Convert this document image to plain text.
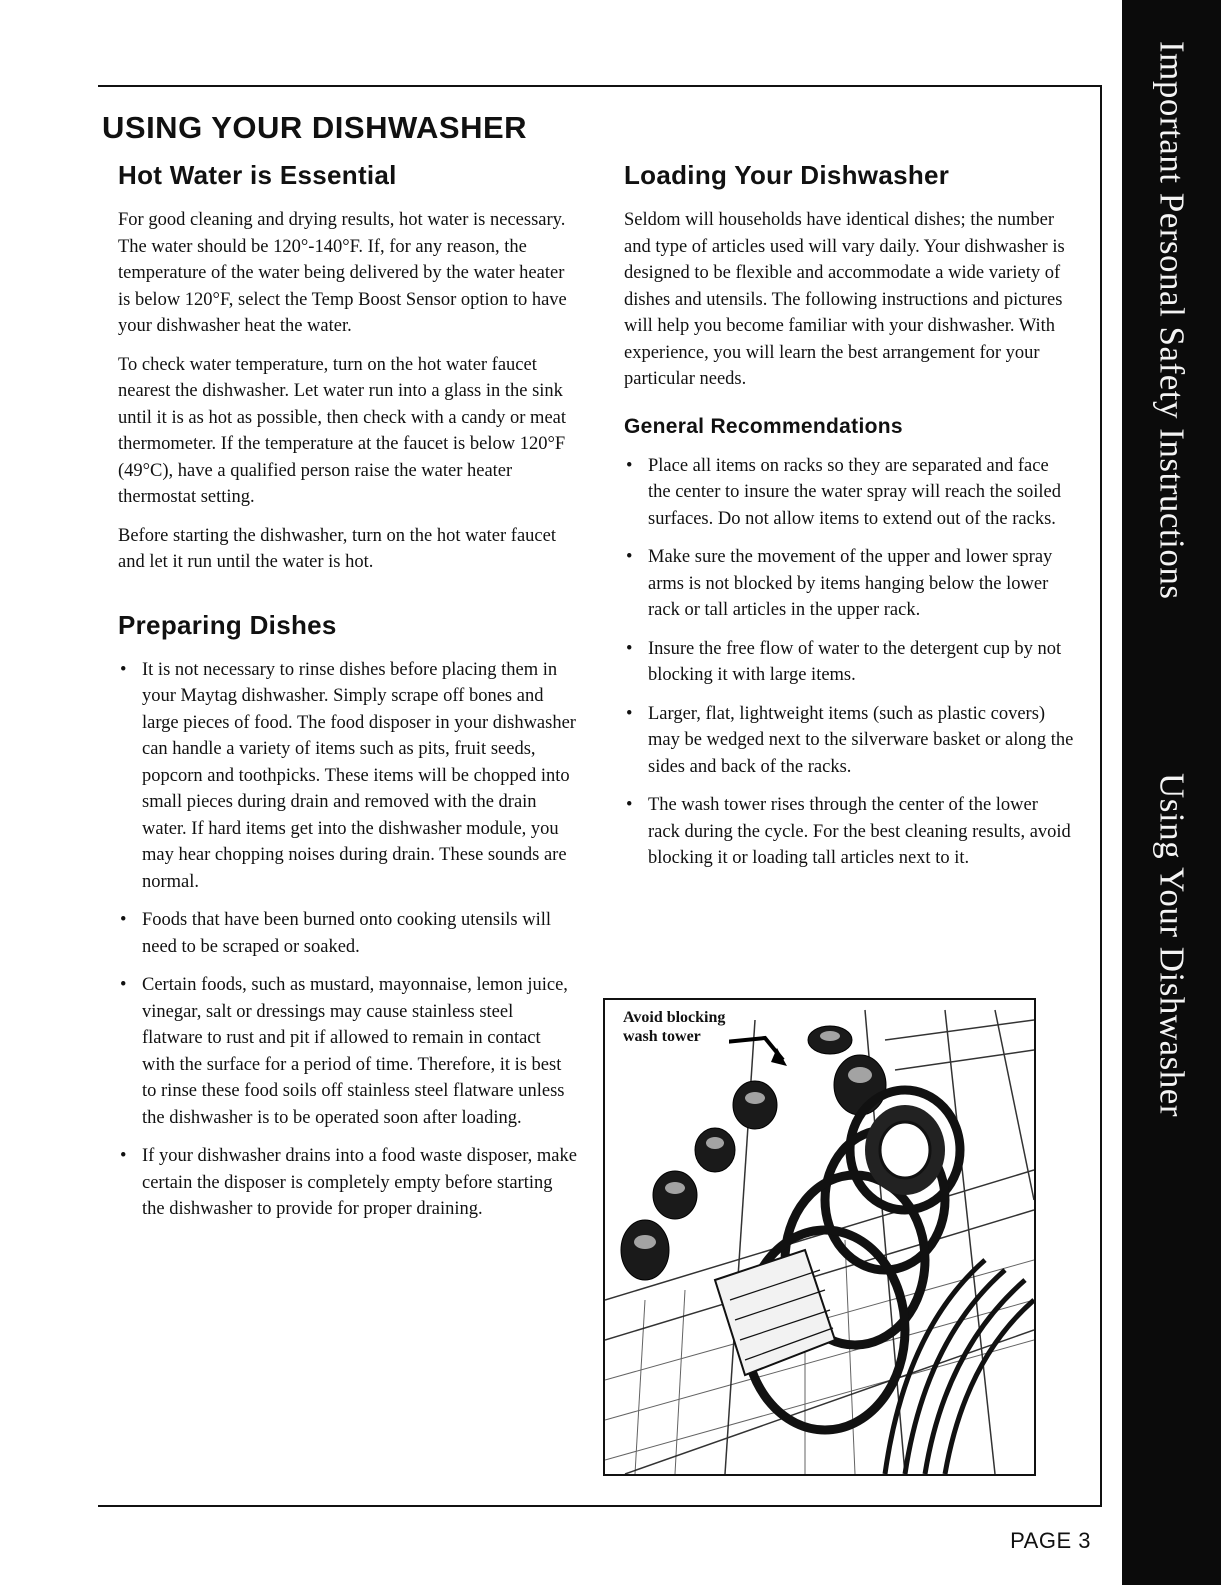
Important Personal Safety Instructions
Using Your Dishwasher
USING YOUR DISHWASHER
Hot Water is Essential

For good cleaning and drying results, hot water is necessary. The water should be 120°-140°F. If, for any reason, the temperature of the water being delivered by the water heater is below 120°F, select the Temp Boost Sensor option to have your dishwasher heat the water.

To check water temperature, turn on the hot water faucet nearest the dishwasher. Let water run into a glass in the sink until it is as hot as possible, then check with a candy or meat thermometer. If the temperature at the faucet is below 120°F (49°C), have a qualified person raise the water heater thermostat setting.

Before starting the dishwasher, turn on the hot water faucet and let it run until the water is hot.

Preparing Dishes
• It is not necessary to rinse dishes before placing them in your Maytag dishwasher. Simply scrape off bones and large pieces of food. The food disposer in your dishwasher can handle a variety of items such as pits, fruit seeds, popcorn and toothpicks. These items will be chopped into small pieces during drain and removed with the drain water. If hard items get into the dishwasher module, you may hear chopping noises during drain. These sounds are normal.
• Foods that have been burned onto cooking utensils will need to be scraped or soaked.
• Certain foods, such as mustard, mayonnaise, lemon juice, vinegar, salt or dressings may cause stainless steel flatware to rust and pit if allowed to remain in contact with the surface for a period of time. Therefore, it is best to rinse these food soils off stainless steel flatware unless the dishwasher is to be operated soon after loading.
• If your dishwasher drains into a food waste disposer, make certain the disposer is completely empty before starting the dishwasher to provide for proper draining.
Loading Your Dishwasher

Seldom will households have identical dishes; the number and type of articles used will vary daily. Your dishwasher is designed to be flexible and accommodate a wide variety of dishes and utensils. The following instructions and pictures will help you become familiar with your dishwasher. With experience, you will learn the best arrangement for your particular needs.

General Recommendations
• Place all items on racks so they are separated and face the center to insure the water spray will reach the soiled surfaces. Do not allow items to extend out of the racks.
• Make sure the movement of the upper and lower spray arms is not blocked by items hanging below the lower rack or tall articles in the upper rack.
• Insure the free flow of water to the detergent cup by not blocking it with large items.
• Larger, flat, lightweight items (such as plastic covers) may be wedged next to the silverware basket or along the sides and back of the racks.
• The wash tower rises through the center of the lower rack during the cycle. For the best cleaning results, avoid blocking it or loading tall articles next to it.
Avoid blocking
wash tower
PAGE 3
